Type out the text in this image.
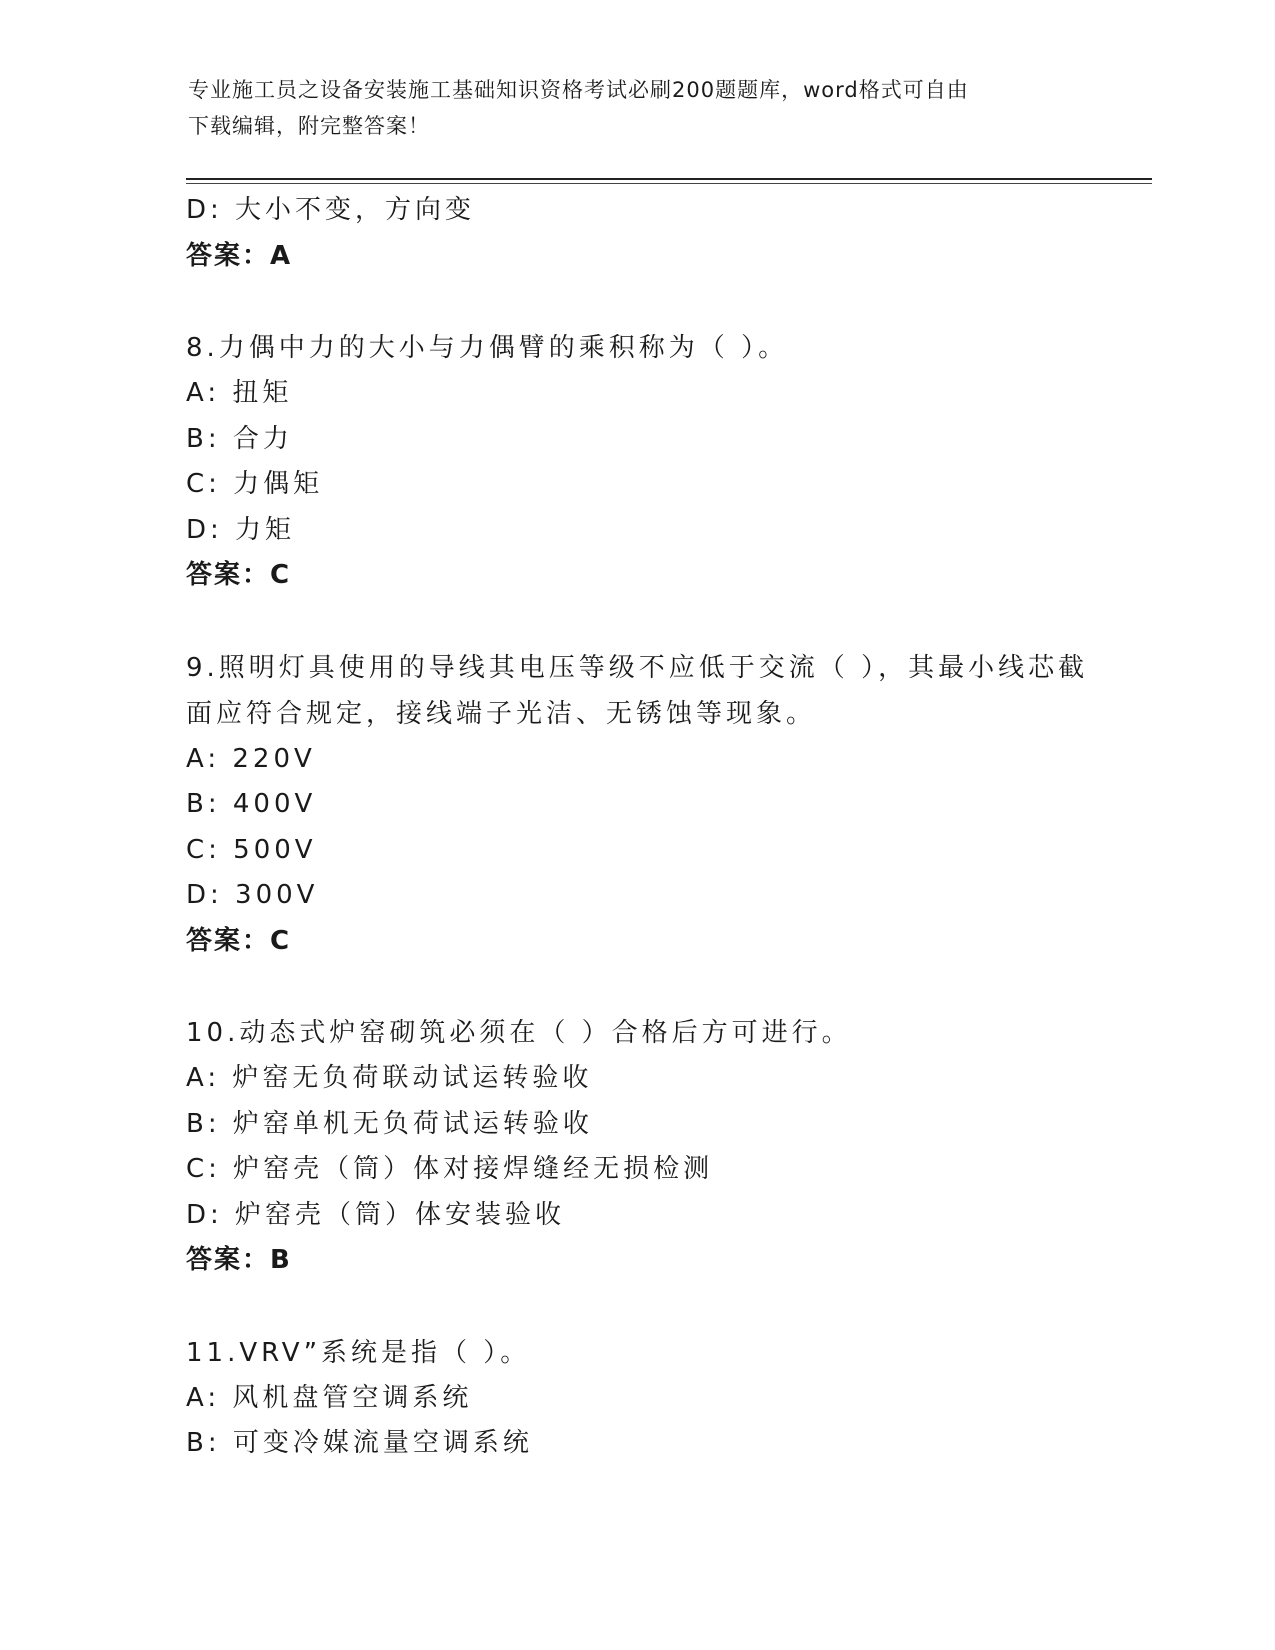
专业施工员之设备安装施工基础知识资格考试必刷200题题库，word格式可自由
下载编辑，附完整答案！
D: 大小不变，方向变
答案：A
8.力偶中力的大小与力偶臂的乘积称为（ ）。
A: 扭矩
B: 合力
C: 力偶矩
D: 力矩
答案：C
9.照明灯具使用的导线其电压等级不应低于交流（ ），其最小线芯截
面应符合规定，接线端子光洁、无锈蚀等现象。
A: 220V
B: 400V
C: 500V
D: 300V
答案：C
10.动态式炉窑砌筑必须在（ ）合格后方可进行。
A: 炉窑无负荷联动试运转验收
B: 炉窑单机无负荷试运转验收
C: 炉窑壳（筒）体对接焊缝经无损检测
D: 炉窑壳（筒）体安装验收
答案：B
11.VRV”系统是指（ ）。
A: 风机盘管空调系统
B: 可变冷媒流量空调系统
